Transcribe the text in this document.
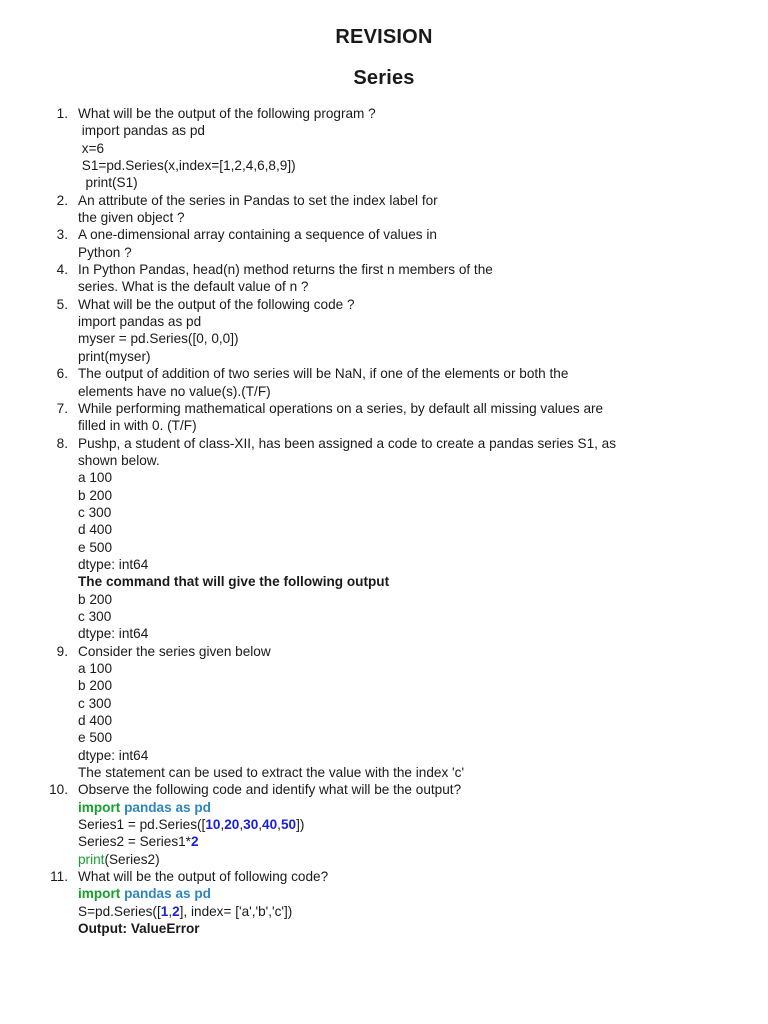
REVISION
Series
1. What will be the output of the following program ?
import pandas as pd
x=6
S1=pd.Series(x,index=[1,2,4,6,8,9])
print(S1)
2. An attribute of the series in Pandas to set the index label for
the given object ?
3. A one-dimensional array containing a sequence of values in
Python ?
4. In Python Pandas, head(n) method returns the first n members of the
series. What is the default value of n ?
5. What will be the output of the following code ?
import pandas as pd
myser = pd.Series([0, 0,0])
print(myser)
6. The output of addition of two series will be NaN, if one of the elements or both the
elements have no value(s).(T/F)
7. While performing mathematical operations on a series, by default all missing values are
filled in with 0. (T/F)
8. Pushp, a student of class-XII, has been assigned a code to create a pandas series S1, as
shown below.
a 100
b 200
c 300
d 400
e 500
dtype: int64
The command that will give the following output
b 200
c 300
dtype: int64
9. Consider the series given below
a 100
b 200
c 300
d 400
e 500
dtype: int64
The statement can be used to extract the value with the index 'c'
10. Observe the following code and identify what will be the output?
import pandas as pd
Series1 = pd.Series([10,20,30,40,50])
Series2 = Series1*2
print(Series2)
11. What will be the output of following code?
import pandas as pd
S=pd.Series([1,2], index= ['a','b','c'])
Output: ValueError
